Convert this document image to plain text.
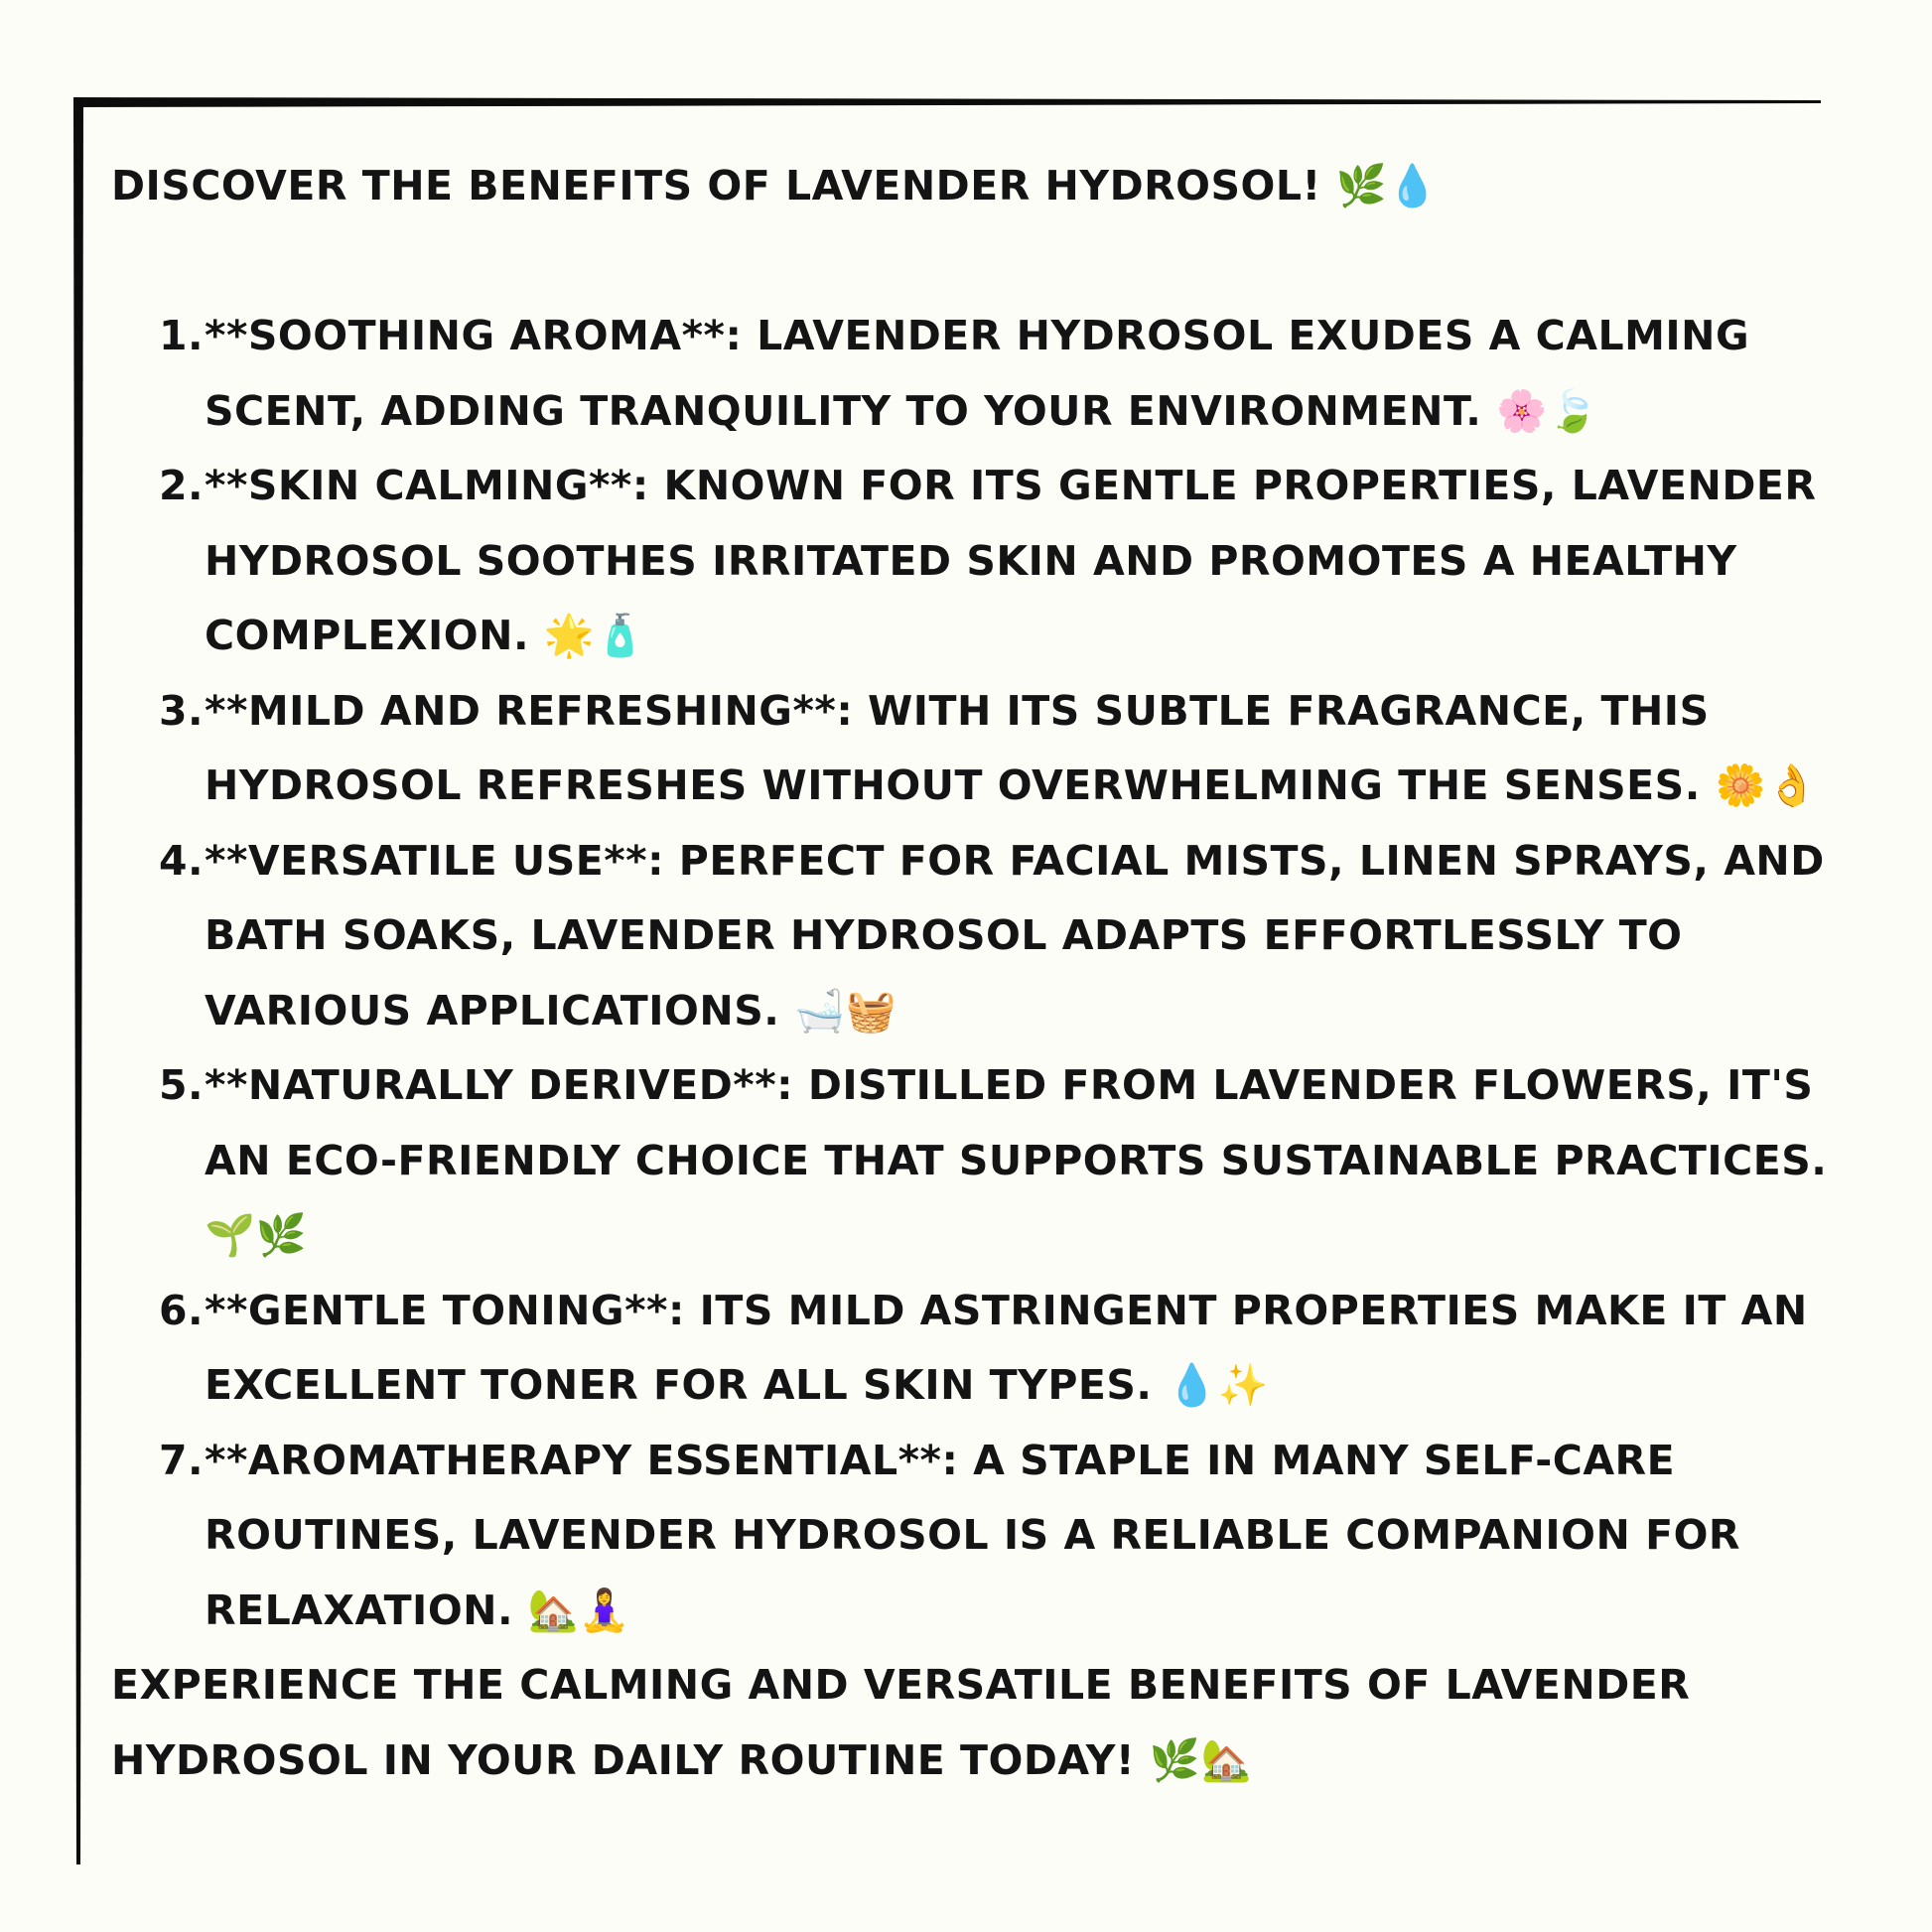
DISCOVER THE BENEFITS OF LAVENDER HYDROSOL! 🌿💧

1. **SOOTHING AROMA**: LAVENDER HYDROSOL EXUDES A CALMING SCENT, ADDING TRANQUILITY TO YOUR ENVIRONMENT. 🌸🍃
2. **SKIN CALMING**: KNOWN FOR ITS GENTLE PROPERTIES, LAVENDER HYDROSOL SOOTHES IRRITATED SKIN AND PROMOTES A HEALTHY COMPLEXION. 🌟🧴
3. **MILD AND REFRESHING**: WITH ITS SUBTLE FRAGRANCE, THIS HYDROSOL REFRESHES WITHOUT OVERWHELMING THE SENSES. 🌼👌
4. **VERSATILE USE**: PERFECT FOR FACIAL MISTS, LINEN SPRAYS, AND BATH SOAKS, LAVENDER HYDROSOL ADAPTS EFFORTLESSLY TO VARIOUS APPLICATIONS. 🛁🧺
5. **NATURALLY DERIVED**: DISTILLED FROM LAVENDER FLOWERS, IT'S AN ECO-FRIENDLY CHOICE THAT SUPPORTS SUSTAINABLE PRACTICES. 🌱🌿
6. **GENTLE TONING**: ITS MILD ASTRINGENT PROPERTIES MAKE IT AN EXCELLENT TONER FOR ALL SKIN TYPES. 💧✨
7. **AROMATHERAPY ESSENTIAL**: A STAPLE IN MANY SELF-CARE ROUTINES, LAVENDER HYDROSOL IS A RELIABLE COMPANION FOR RELAXATION. 🏡🧘‍♀️

EXPERIENCE THE CALMING AND VERSATILE BENEFITS OF LAVENDER HYDROSOL IN YOUR DAILY ROUTINE TODAY! 🌿🏡
